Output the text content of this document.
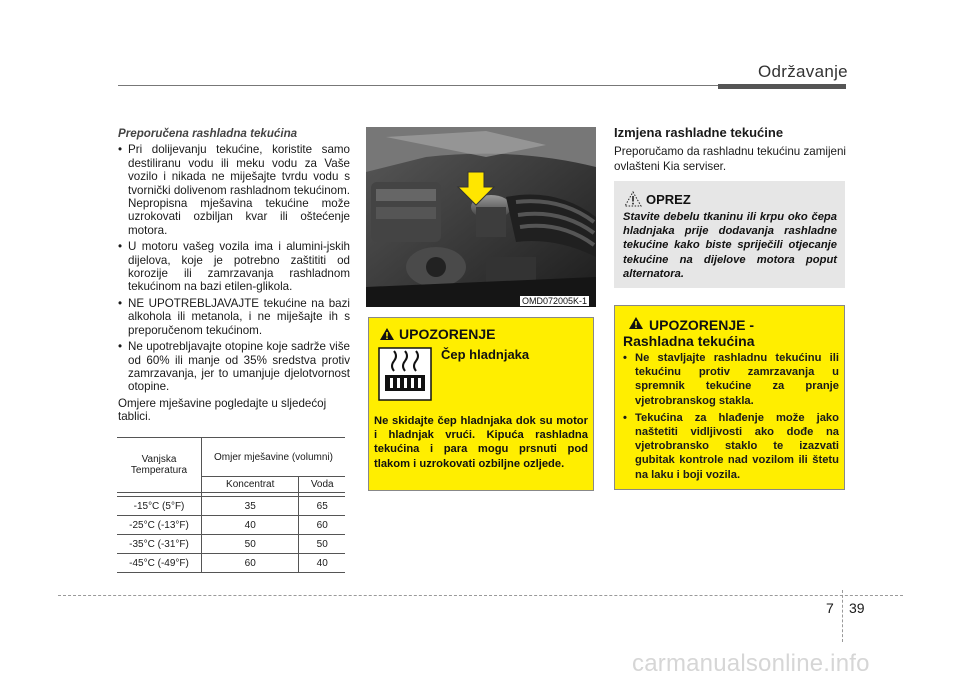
Održavanje
Preporučena rashladna tekućina
• Pri dolijevanju tekućine, koristite samo destiliranu vodu ili meku vodu za Vaše vozilo i nikada ne miješajte tvrdu vodu s tvornički dolivenom rashladnom tekućinom. Nepropisna mješavina tekućine može uzrokovati ozbiljan kvar ili oštećenje motora.
• U motoru vašeg vozila ima i alumini-jskih dijelova, koje je potrebno zaštititi od korozije ili zamrzavanja rashladnom tekućinom na bazi etilen-glikola.
• NE UPOTREBLJAVAJTE tekućine na bazi alkohola ili metanola, i ne miješajte ih s preporučenom tekućinom.
• Ne upotrebljavajte otopine koje sadrže više od 60% ili manje od 35% sredstva protiv zamrzavanja, jer to umanjuje djelotvornost otopine.
Omjere mješavine pogledajte u sljedećoj tablici.
Vanjska Temperatura	Omjer mješavine (volumni)	
	Koncentrat	Voda

-15°C (5°F)	35	65
-25°C (-13°F)	40	60
-35°C (-31°F)	50	50
-45°C (-49°F)	60	40
OMD072005K-1
UPOZORENJE
Čep hladnjaka
Ne skidajte čep hladnjaka dok su motor i hladnjak vrući. Kipuća rashladna tekućina i para mogu prsnuti pod tlakom i uzrokovati ozbiljne ozljede.
Izmjena rashladne tekućine
Preporučamo da rashladnu tekućinu zamijeni ovlašteni Kia serviser.
OPREZ
Stavite debelu tkaninu ili krpu oko čepa hladnjaka prije dodavanja rashladne tekućine kako biste spriječili otjecanje tekućine na dijelove motora poput alternatora.
UPOZORENJE -
Rashladna tekućina
• Ne stavljajte rashladnu tekućinu ili tekućinu protiv zamrzavanja u spremnik tekućine za pranje vjetrobranskog stakla.
• Tekućina za hlađenje može jako naštetiti vidljivosti ako dođe na vjetrobransko staklo te izazvati gubitak kontrole nad vozilom ili štetu na laku i boji vozila.
7 39
carmanualsonline.info
